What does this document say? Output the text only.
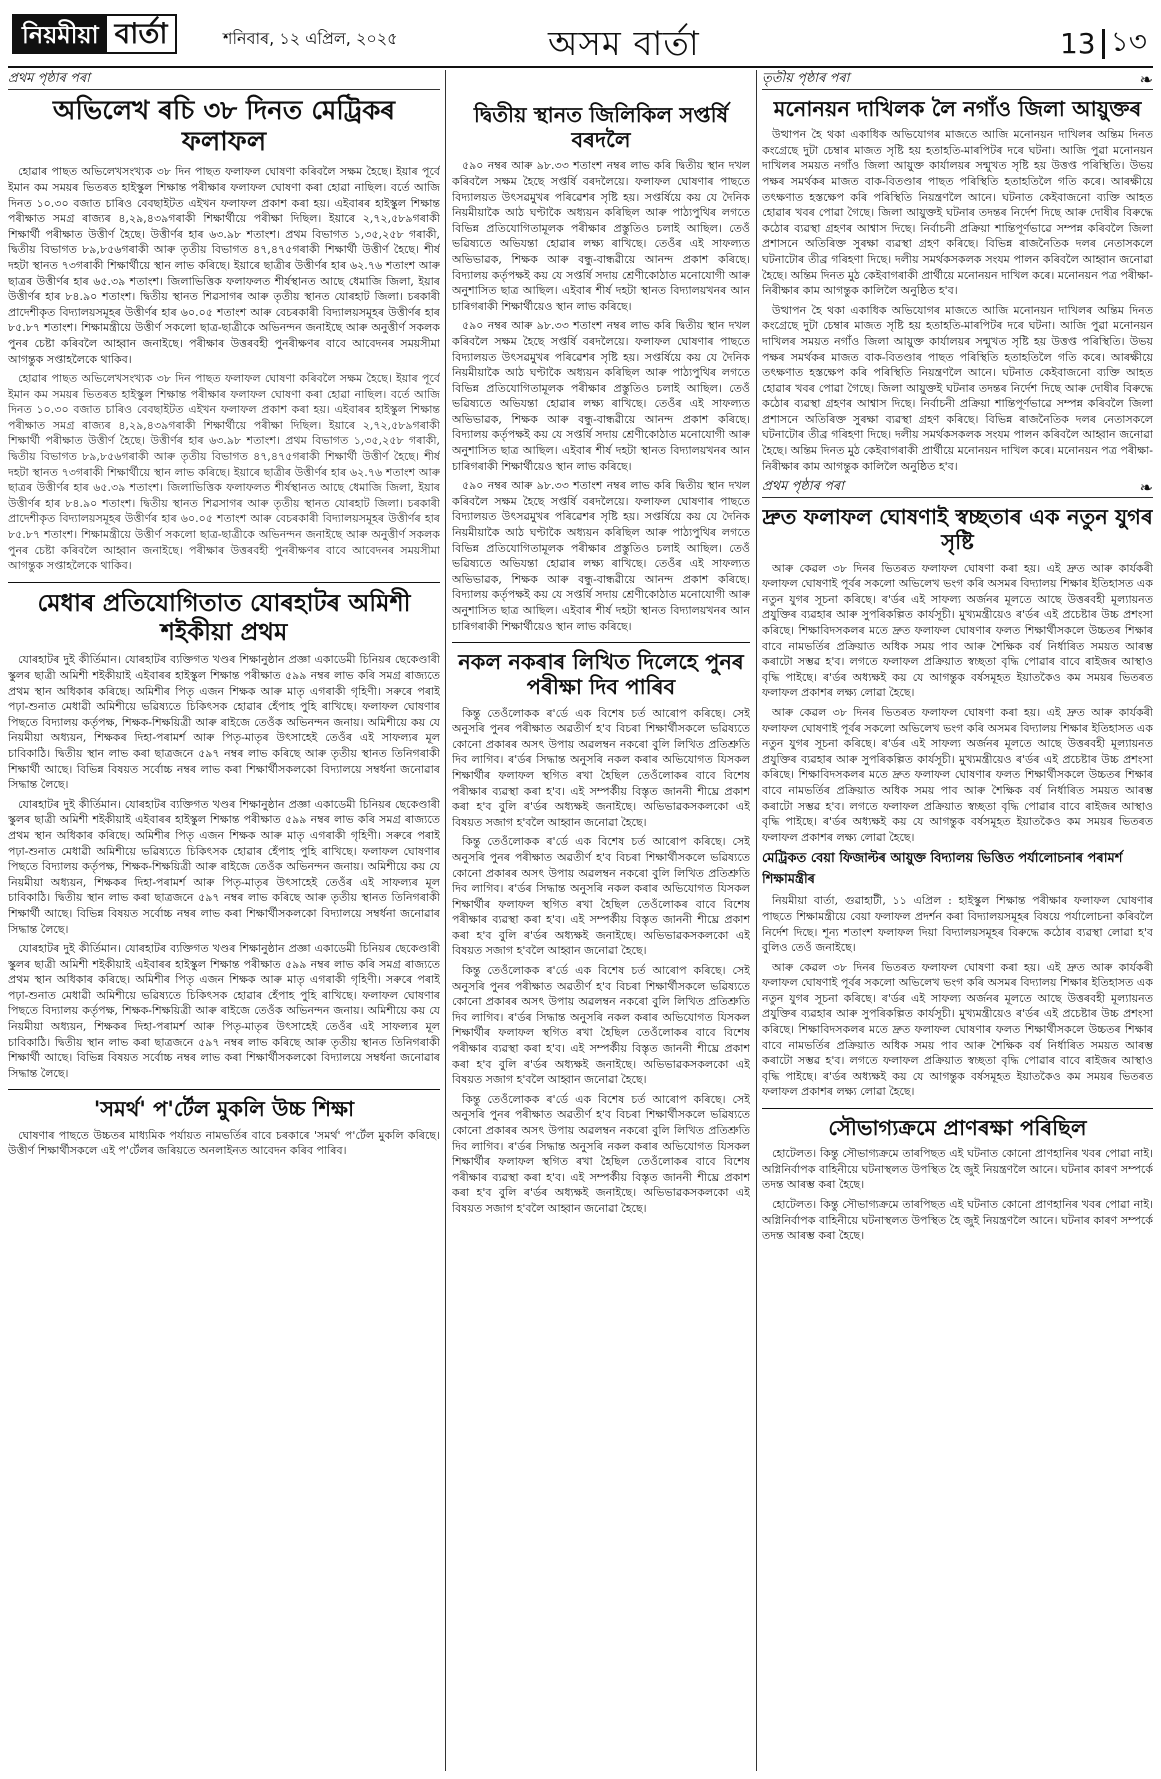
নিয়মীয়া বাৰ্তা	শনিবাৰ, ১২ এপ্ৰিল, ২০২৫	অসম বাৰ্তা	13 ১৩
প্ৰথম পৃষ্ঠাৰ পৰা
অভিলেখ ৰচি ৩৮ দিনত মেট্ৰিকৰ ফলাফল

হোৱাৰ পাছত অভিলেখসংখ্যক ৩৮ দিন পাছত ফলাফল ঘোষণা কৰিবলৈ সক্ষম হৈছে। ইয়াৰ পূৰ্বে ইমান কম সময়ৰ ভিতৰত হাইস্কুল শিক্ষান্ত পৰীক্ষাৰ ফলাফল ঘোষণা কৰা হোৱা নাছিল। বৰ্তে আজি দিনত ১০.৩০ বজাত চাৰিও বেবছাইটত এইখন ফলাফল প্ৰকাশ কৰা হয়। এইবাৰৰ হাইস্কুল শিক্ষান্ত পৰীক্ষাত সমগ্ৰ ৰাজ্যৰ ৪,২৯,৪৩৯গৰাকী শিক্ষাৰ্থীয়ে পৰীক্ষা দিছিল। ইয়াৰে ২,৭২,৫৮৯গৰাকী শিক্ষাৰ্থী পৰীক্ষাত উত্তীৰ্ণ হৈছে। উত্তীৰ্ণৰ হাৰ ৬৩.৯৮ শতাংশ। প্ৰথম বিভাগত ১,৩৫,২৫৮ গৰাকী, দ্বিতীয় বিভাগত ৮৯,৮৫৬গৰাকী আৰু তৃতীয় বিভাগত ৪৭,৪৭৫গৰাকী শিক্ষাৰ্থী উত্তীৰ্ণ হৈছে। শীৰ্ষ দহটা স্থানত ৭৩গৰাকী শিক্ষাৰ্থীয়ে স্থান লাভ কৰিছে। ইয়াৰে ছাত্ৰীৰ উত্তীৰ্ণৰ হাৰ ৬২.৭৬ শতাংশ আৰু ছাত্ৰৰ উত্তীৰ্ণৰ হাৰ ৬৫.৩৯ শতাংশ। জিলাভিত্তিক ফলাফলত শীৰ্ষস্থানত আছে ধেমাজি জিলা, ইয়াৰ উত্তীৰ্ণৰ হাৰ ৮৪.৯০ শতাংশ। দ্বিতীয় স্থানত শিৱসাগৰ আৰু তৃতীয় স্থানত যোৰহাট জিলা। চৰকাৰী প্ৰাদেশীকৃত বিদ্যালয়সমূহৰ উত্তীৰ্ণৰ হাৰ ৬০.০৫ শতাংশ আৰু বেচৰকাৰী বিদ্যালয়সমূহৰ উত্তীৰ্ণৰ হাৰ ৮৫.৮৭ শতাংশ। শিক্ষামন্ত্ৰীয়ে উত্তীৰ্ণ সকলো ছাত্ৰ-ছাত্ৰীকে অভিনন্দন জনাইছে আৰু অনুত্তীৰ্ণ সকলক পুনৰ চেষ্টা কৰিবলৈ আহ্বান জনাইছে। পৰীক্ষাৰ উত্তৰবহী পুনৰীক্ষণৰ বাবে আবেদনৰ সময়সীমা আগন্তুক সপ্তাহলৈকে থাকিব।

হোৱাৰ পাছত অভিলেখসংখ্যক ৩৮ দিন পাছত ফলাফল ঘোষণা কৰিবলৈ সক্ষম হৈছে। ইয়াৰ পূৰ্বে ইমান কম সময়ৰ ভিতৰত হাইস্কুল শিক্ষান্ত পৰীক্ষাৰ ফলাফল ঘোষণা কৰা হোৱা নাছিল। বৰ্তে আজি দিনত ১০.৩০ বজাত চাৰিও বেবছাইটত এইখন ফলাফল প্ৰকাশ কৰা হয়। এইবাৰৰ হাইস্কুল শিক্ষান্ত পৰীক্ষাত সমগ্ৰ ৰাজ্যৰ ৪,২৯,৪৩৯গৰাকী শিক্ষাৰ্থীয়ে পৰীক্ষা দিছিল। ইয়াৰে ২,৭২,৫৮৯গৰাকী শিক্ষাৰ্থী পৰীক্ষাত উত্তীৰ্ণ হৈছে। উত্তীৰ্ণৰ হাৰ ৬৩.৯৮ শতাংশ। প্ৰথম বিভাগত ১,৩৫,২৫৮ গৰাকী, দ্বিতীয় বিভাগত ৮৯,৮৫৬গৰাকী আৰু তৃতীয় বিভাগত ৪৭,৪৭৫গৰাকী শিক্ষাৰ্থী উত্তীৰ্ণ হৈছে। শীৰ্ষ দহটা স্থানত ৭৩গৰাকী শিক্ষাৰ্থীয়ে স্থান লাভ কৰিছে। ইয়াৰে ছাত্ৰীৰ উত্তীৰ্ণৰ হাৰ ৬২.৭৬ শতাংশ আৰু ছাত্ৰৰ উত্তীৰ্ণৰ হাৰ ৬৫.৩৯ শতাংশ। জিলাভিত্তিক ফলাফলত শীৰ্ষস্থানত আছে ধেমাজি জিলা, ইয়াৰ উত্তীৰ্ণৰ হাৰ ৮৪.৯০ শতাংশ। দ্বিতীয় স্থানত শিৱসাগৰ আৰু তৃতীয় স্থানত যোৰহাট জিলা। চৰকাৰী প্ৰাদেশীকৃত বিদ্যালয়সমূহৰ উত্তীৰ্ণৰ হাৰ ৬০.০৫ শতাংশ আৰু বেচৰকাৰী বিদ্যালয়সমূহৰ উত্তীৰ্ণৰ হাৰ ৮৫.৮৭ শতাংশ। শিক্ষামন্ত্ৰীয়ে উত্তীৰ্ণ সকলো ছাত্ৰ-ছাত্ৰীকে অভিনন্দন জনাইছে আৰু অনুত্তীৰ্ণ সকলক পুনৰ চেষ্টা কৰিবলৈ আহ্বান জনাইছে। পৰীক্ষাৰ উত্তৰবহী পুনৰীক্ষণৰ বাবে আবেদনৰ সময়সীমা আগন্তুক সপ্তাহলৈকে থাকিব।

মেধাৰ প্ৰতিযোগিতাত যোৰহাটৰ অমিশী শইকীয়া প্ৰথম

যোৰহাটৰ দুই কীৰ্তিমান। যোৰহাটৰ ব্যক্তিগত খণ্ডৰ শিক্ষানুষ্ঠান প্ৰজ্ঞা একাডেমী চিনিয়ৰ ছেকেণ্ডাৰী স্কুলৰ ছাত্ৰী অমিশী শইকীয়াই এইবাৰৰ হাইস্কুল শিক্ষান্ত পৰীক্ষাত ৫৯৯ নম্বৰ লাভ কৰি সমগ্ৰ ৰাজ্যতে প্ৰথম স্থান অধিকাৰ কৰিছে। অমিশীৰ পিতৃ এজন শিক্ষক আৰু মাতৃ এগৰাকী গৃহিণী। সৰুৰে পৰাই পঢ়া-শুনাত মেধাৱী অমিশীয়ে ভৱিষ্যতে চিকিৎসক হোৱাৰ হেঁপাহ পুহি ৰাখিছে। ফলাফল ঘোষণাৰ পিছতে বিদ্যালয় কৰ্তৃপক্ষ, শিক্ষক-শিক্ষয়িত্ৰী আৰু ৰাইজে তেওঁক অভিনন্দন জনায়। অমিশীয়ে কয় যে নিয়মীয়া অধ্যয়ন, শিক্ষকৰ দিহা-পৰামৰ্শ আৰু পিতৃ-মাতৃৰ উৎসাহেই তেওঁৰ এই সাফল্যৰ মূল চাবিকাঠি। দ্বিতীয় স্থান লাভ কৰা ছাত্ৰজনে ৫৯৭ নম্বৰ লাভ কৰিছে আৰু তৃতীয় স্থানত তিনিগৰাকী শিক্ষাৰ্থী আছে। বিভিন্ন বিষয়ত সৰ্বোচ্চ নম্বৰ লাভ কৰা শিক্ষাৰ্থীসকলকো বিদ্যালয়ে সম্বৰ্ধনা জনোৱাৰ সিদ্ধান্ত লৈছে।

যোৰহাটৰ দুই কীৰ্তিমান। যোৰহাটৰ ব্যক্তিগত খণ্ডৰ শিক্ষানুষ্ঠান প্ৰজ্ঞা একাডেমী চিনিয়ৰ ছেকেণ্ডাৰী স্কুলৰ ছাত্ৰী অমিশী শইকীয়াই এইবাৰৰ হাইস্কুল শিক্ষান্ত পৰীক্ষাত ৫৯৯ নম্বৰ লাভ কৰি সমগ্ৰ ৰাজ্যতে প্ৰথম স্থান অধিকাৰ কৰিছে। অমিশীৰ পিতৃ এজন শিক্ষক আৰু মাতৃ এগৰাকী গৃহিণী। সৰুৰে পৰাই পঢ়া-শুনাত মেধাৱী অমিশীয়ে ভৱিষ্যতে চিকিৎসক হোৱাৰ হেঁপাহ পুহি ৰাখিছে। ফলাফল ঘোষণাৰ পিছতে বিদ্যালয় কৰ্তৃপক্ষ, শিক্ষক-শিক্ষয়িত্ৰী আৰু ৰাইজে তেওঁক অভিনন্দন জনায়। অমিশীয়ে কয় যে নিয়মীয়া অধ্যয়ন, শিক্ষকৰ দিহা-পৰামৰ্শ আৰু পিতৃ-মাতৃৰ উৎসাহেই তেওঁৰ এই সাফল্যৰ মূল চাবিকাঠি। দ্বিতীয় স্থান লাভ কৰা ছাত্ৰজনে ৫৯৭ নম্বৰ লাভ কৰিছে আৰু তৃতীয় স্থানত তিনিগৰাকী শিক্ষাৰ্থী আছে। বিভিন্ন বিষয়ত সৰ্বোচ্চ নম্বৰ লাভ কৰা শিক্ষাৰ্থীসকলকো বিদ্যালয়ে সম্বৰ্ধনা জনোৱাৰ সিদ্ধান্ত লৈছে।

যোৰহাটৰ দুই কীৰ্তিমান। যোৰহাটৰ ব্যক্তিগত খণ্ডৰ শিক্ষানুষ্ঠান প্ৰজ্ঞা একাডেমী চিনিয়ৰ ছেকেণ্ডাৰী স্কুলৰ ছাত্ৰী অমিশী শইকীয়াই এইবাৰৰ হাইস্কুল শিক্ষান্ত পৰীক্ষাত ৫৯৯ নম্বৰ লাভ কৰি সমগ্ৰ ৰাজ্যতে প্ৰথম স্থান অধিকাৰ কৰিছে। অমিশীৰ পিতৃ এজন শিক্ষক আৰু মাতৃ এগৰাকী গৃহিণী। সৰুৰে পৰাই পঢ়া-শুনাত মেধাৱী অমিশীয়ে ভৱিষ্যতে চিকিৎসক হোৱাৰ হেঁপাহ পুহি ৰাখিছে। ফলাফল ঘোষণাৰ পিছতে বিদ্যালয় কৰ্তৃপক্ষ, শিক্ষক-শিক্ষয়িত্ৰী আৰু ৰাইজে তেওঁক অভিনন্দন জনায়। অমিশীয়ে কয় যে নিয়মীয়া অধ্যয়ন, শিক্ষকৰ দিহা-পৰামৰ্শ আৰু পিতৃ-মাতৃৰ উৎসাহেই তেওঁৰ এই সাফল্যৰ মূল চাবিকাঠি। দ্বিতীয় স্থান লাভ কৰা ছাত্ৰজনে ৫৯৭ নম্বৰ লাভ কৰিছে আৰু তৃতীয় স্থানত তিনিগৰাকী শিক্ষাৰ্থী আছে। বিভিন্ন বিষয়ত সৰ্বোচ্চ নম্বৰ লাভ কৰা শিক্ষাৰ্থীসকলকো বিদ্যালয়ে সম্বৰ্ধনা জনোৱাৰ সিদ্ধান্ত লৈছে।

'সমৰ্থ' প'ৰ্টেল মুকলি উচ্চ শিক্ষা

ঘোষণাৰ পাছতে উচ্চতৰ মাধ্যমিক পৰ্যায়ত নামভৰ্তিৰ বাবে চৰকাৰে 'সমৰ্থ' প'ৰ্টেল মুকলি কৰিছে। উত্তীৰ্ণ শিক্ষাৰ্থীসকলে এই প'ৰ্টেলৰ জৰিয়তে অনলাইনত আবেদন কৰিব পাৰিব।

দ্বিতীয় স্থানত জিলিকিল সপ্তৰ্ষি বৰদলৈ

৫৯০ নম্বৰ আৰু ৯৮.৩৩ শতাংশ নম্বৰ লাভ কৰি দ্বিতীয় স্থান দখল কৰিবলৈ সক্ষম হৈছে সপ্তৰ্ষি বৰদলৈয়ে। ফলাফল ঘোষণাৰ পাছতে বিদ্যালয়ত উৎসৱমুখৰ পৰিৱেশৰ সৃষ্টি হয়। সপ্তৰ্ষিয়ে কয় যে দৈনিক নিয়মীয়াকৈ আঠ ঘণ্টাকৈ অধ্যয়ন কৰিছিল আৰু পাঠ্যপুথিৰ লগতে বিভিন্ন প্ৰতিযোগিতামূলক পৰীক্ষাৰ প্ৰস্তুতিও চলাই আছিল। তেওঁ ভৱিষ্যতে অভিযন্তা হোৱাৰ লক্ষ্য ৰাখিছে। তেওঁৰ এই সাফল্যত অভিভাৱক, শিক্ষক আৰু বন্ধু-বান্ধৱীয়ে আনন্দ প্ৰকাশ কৰিছে। বিদ্যালয় কৰ্তৃপক্ষই কয় যে সপ্তৰ্ষি সদায় শ্ৰেণীকোঠাত মনোযোগী আৰু অনুশাসিত ছাত্ৰ আছিল। এইবাৰ শীৰ্ষ দহটা স্থানত বিদ্যালয়খনৰ আন চাৰিগৰাকী শিক্ষাৰ্থীয়েও স্থান লাভ কৰিছে।

৫৯০ নম্বৰ আৰু ৯৮.৩৩ শতাংশ নম্বৰ লাভ কৰি দ্বিতীয় স্থান দখল কৰিবলৈ সক্ষম হৈছে সপ্তৰ্ষি বৰদলৈয়ে। ফলাফল ঘোষণাৰ পাছতে বিদ্যালয়ত উৎসৱমুখৰ পৰিৱেশৰ সৃষ্টি হয়। সপ্তৰ্ষিয়ে কয় যে দৈনিক নিয়মীয়াকৈ আঠ ঘণ্টাকৈ অধ্যয়ন কৰিছিল আৰু পাঠ্যপুথিৰ লগতে বিভিন্ন প্ৰতিযোগিতামূলক পৰীক্ষাৰ প্ৰস্তুতিও চলাই আছিল। তেওঁ ভৱিষ্যতে অভিযন্তা হোৱাৰ লক্ষ্য ৰাখিছে। তেওঁৰ এই সাফল্যত অভিভাৱক, শিক্ষক আৰু বন্ধু-বান্ধৱীয়ে আনন্দ প্ৰকাশ কৰিছে। বিদ্যালয় কৰ্তৃপক্ষই কয় যে সপ্তৰ্ষি সদায় শ্ৰেণীকোঠাত মনোযোগী আৰু অনুশাসিত ছাত্ৰ আছিল। এইবাৰ শীৰ্ষ দহটা স্থানত বিদ্যালয়খনৰ আন চাৰিগৰাকী শিক্ষাৰ্থীয়েও স্থান লাভ কৰিছে।

৫৯০ নম্বৰ আৰু ৯৮.৩৩ শতাংশ নম্বৰ লাভ কৰি দ্বিতীয় স্থান দখল কৰিবলৈ সক্ষম হৈছে সপ্তৰ্ষি বৰদলৈয়ে। ফলাফল ঘোষণাৰ পাছতে বিদ্যালয়ত উৎসৱমুখৰ পৰিৱেশৰ সৃষ্টি হয়। সপ্তৰ্ষিয়ে কয় যে দৈনিক নিয়মীয়াকৈ আঠ ঘণ্টাকৈ অধ্যয়ন কৰিছিল আৰু পাঠ্যপুথিৰ লগতে বিভিন্ন প্ৰতিযোগিতামূলক পৰীক্ষাৰ প্ৰস্তুতিও চলাই আছিল। তেওঁ ভৱিষ্যতে অভিযন্তা হোৱাৰ লক্ষ্য ৰাখিছে। তেওঁৰ এই সাফল্যত অভিভাৱক, শিক্ষক আৰু বন্ধু-বান্ধৱীয়ে আনন্দ প্ৰকাশ কৰিছে। বিদ্যালয় কৰ্তৃপক্ষই কয় যে সপ্তৰ্ষি সদায় শ্ৰেণীকোঠাত মনোযোগী আৰু অনুশাসিত ছাত্ৰ আছিল। এইবাৰ শীৰ্ষ দহটা স্থানত বিদ্যালয়খনৰ আন চাৰিগৰাকী শিক্ষাৰ্থীয়েও স্থান লাভ কৰিছে।

নকল নকৰাৰ লিখিত দিলেহে পুনৰ পৰীক্ষা দিব পাৰিব

কিন্তু তেওঁলোকক ৰ'ৰ্ডে এক বিশেষ চৰ্ত আৰোপ কৰিছে। সেই অনুসৰি পুনৰ পৰীক্ষাত অৱতীৰ্ণ হ'ব বিচৰা শিক্ষাৰ্থীসকলে ভৱিষ্যতে কোনো প্ৰকাৰৰ অসৎ উপায় অৱলম্বন নকৰো বুলি লিখিত প্ৰতিশ্ৰুতি দিব লাগিব। ৰ'ৰ্ডৰ সিদ্ধান্ত অনুসৰি নকল কৰাৰ অভিযোগত যিসকল শিক্ষাৰ্থীৰ ফলাফল স্থগিত ৰখা হৈছিল তেওঁলোকৰ বাবে বিশেষ পৰীক্ষাৰ ব্যৱস্থা কৰা হ'ব। এই সম্পৰ্কীয় বিস্তৃত জাননী শীঘ্ৰে প্ৰকাশ কৰা হ'ব বুলি ৰ'ৰ্ডৰ অধ্যক্ষই জনাইছে। অভিভাৱকসকলকো এই বিষয়ত সজাগ হ'বলৈ আহ্বান জনোৱা হৈছে।

কিন্তু তেওঁলোকক ৰ'ৰ্ডে এক বিশেষ চৰ্ত আৰোপ কৰিছে। সেই অনুসৰি পুনৰ পৰীক্ষাত অৱতীৰ্ণ হ'ব বিচৰা শিক্ষাৰ্থীসকলে ভৱিষ্যতে কোনো প্ৰকাৰৰ অসৎ উপায় অৱলম্বন নকৰো বুলি লিখিত প্ৰতিশ্ৰুতি দিব লাগিব। ৰ'ৰ্ডৰ সিদ্ধান্ত অনুসৰি নকল কৰাৰ অভিযোগত যিসকল শিক্ষাৰ্থীৰ ফলাফল স্থগিত ৰখা হৈছিল তেওঁলোকৰ বাবে বিশেষ পৰীক্ষাৰ ব্যৱস্থা কৰা হ'ব। এই সম্পৰ্কীয় বিস্তৃত জাননী শীঘ্ৰে প্ৰকাশ কৰা হ'ব বুলি ৰ'ৰ্ডৰ অধ্যক্ষই জনাইছে। অভিভাৱকসকলকো এই বিষয়ত সজাগ হ'বলৈ আহ্বান জনোৱা হৈছে।

কিন্তু তেওঁলোকক ৰ'ৰ্ডে এক বিশেষ চৰ্ত আৰোপ কৰিছে। সেই অনুসৰি পুনৰ পৰীক্ষাত অৱতীৰ্ণ হ'ব বিচৰা শিক্ষাৰ্থীসকলে ভৱিষ্যতে কোনো প্ৰকাৰৰ অসৎ উপায় অৱলম্বন নকৰো বুলি লিখিত প্ৰতিশ্ৰুতি দিব লাগিব। ৰ'ৰ্ডৰ সিদ্ধান্ত অনুসৰি নকল কৰাৰ অভিযোগত যিসকল শিক্ষাৰ্থীৰ ফলাফল স্থগিত ৰখা হৈছিল তেওঁলোকৰ বাবে বিশেষ পৰীক্ষাৰ ব্যৱস্থা কৰা হ'ব। এই সম্পৰ্কীয় বিস্তৃত জাননী শীঘ্ৰে প্ৰকাশ কৰা হ'ব বুলি ৰ'ৰ্ডৰ অধ্যক্ষই জনাইছে। অভিভাৱকসকলকো এই বিষয়ত সজাগ হ'বলৈ আহ্বান জনোৱা হৈছে।

কিন্তু তেওঁলোকক ৰ'ৰ্ডে এক বিশেষ চৰ্ত আৰোপ কৰিছে। সেই অনুসৰি পুনৰ পৰীক্ষাত অৱতীৰ্ণ হ'ব বিচৰা শিক্ষাৰ্থীসকলে ভৱিষ্যতে কোনো প্ৰকাৰৰ অসৎ উপায় অৱলম্বন নকৰো বুলি লিখিত প্ৰতিশ্ৰুতি দিব লাগিব। ৰ'ৰ্ডৰ সিদ্ধান্ত অনুসৰি নকল কৰাৰ অভিযোগত যিসকল শিক্ষাৰ্থীৰ ফলাফল স্থগিত ৰখা হৈছিল তেওঁলোকৰ বাবে বিশেষ পৰীক্ষাৰ ব্যৱস্থা কৰা হ'ব। এই সম্পৰ্কীয় বিস্তৃত জাননী শীঘ্ৰে প্ৰকাশ কৰা হ'ব বুলি ৰ'ৰ্ডৰ অধ্যক্ষই জনাইছে। অভিভাৱকসকলকো এই বিষয়ত সজাগ হ'বলৈ আহ্বান জনোৱা হৈছে।

তৃতীয় পৃষ্ঠাৰ পৰা	❧
মনোনয়ন দাখিলক লৈ নগাঁও জিলা আয়ুক্তৰ

উত্থাপন হৈ থকা একাধিক অভিযোগৰ মাজতে আজি মনোনয়ন দাখিলৰ অন্তিম দিনত কংগ্ৰেছে দুটা চেম্বাৰ মাজত সৃষ্টি হয় হতাহতি-মাৰপিটৰ দৰে ঘটনা। আজি পুৱা মনোনয়ন দাখিলৰ সময়ত নগাঁও জিলা আয়ুক্ত কাৰ্যালয়ৰ সন্মুখত সৃষ্টি হয় উত্তপ্ত পৰিস্থিতি। উভয় পক্ষৰ সমৰ্থকৰ মাজত বাক-বিতণ্ডাৰ পাছত পৰিস্থিতি হতাহতিলৈ গতি কৰে। আৰক্ষীয়ে তৎক্ষণাত হস্তক্ষেপ কৰি পৰিস্থিতি নিয়ন্ত্ৰণলৈ আনে। ঘটনাত কেইবাজনো ব্যক্তি আহত হোৱাৰ খবৰ পোৱা গৈছে। জিলা আয়ুক্তই ঘটনাৰ তদন্তৰ নিৰ্দেশ দিছে আৰু দোষীৰ বিৰুদ্ধে কঠোৰ ব্যৱস্থা গ্ৰহণৰ আশ্বাস দিছে। নিৰ্বাচনী প্ৰক্ৰিয়া শান্তিপূৰ্ণভাৱে সম্পন্ন কৰিবলৈ জিলা প্ৰশাসনে অতিৰিক্ত সুৰক্ষা ব্যৱস্থা গ্ৰহণ কৰিছে। বিভিন্ন ৰাজনৈতিক দলৰ নেতাসকলে ঘটনাটোৰ তীব্ৰ গৰিহণা দিছে। দলীয় সমৰ্থকসকলক সংযম পালন কৰিবলৈ আহ্বান জনোৱা হৈছে। অন্তিম দিনত মুঠ কেইবাগৰাকী প্ৰাৰ্থীয়ে মনোনয়ন দাখিল কৰে। মনোনয়ন পত্ৰ পৰীক্ষা-নিৰীক্ষাৰ কাম আগন্তুক কালিলৈ অনুষ্ঠিত হ'ব।

উত্থাপন হৈ থকা একাধিক অভিযোগৰ মাজতে আজি মনোনয়ন দাখিলৰ অন্তিম দিনত কংগ্ৰেছে দুটা চেম্বাৰ মাজত সৃষ্টি হয় হতাহতি-মাৰপিটৰ দৰে ঘটনা। আজি পুৱা মনোনয়ন দাখিলৰ সময়ত নগাঁও জিলা আয়ুক্ত কাৰ্যালয়ৰ সন্মুখত সৃষ্টি হয় উত্তপ্ত পৰিস্থিতি। উভয় পক্ষৰ সমৰ্থকৰ মাজত বাক-বিতণ্ডাৰ পাছত পৰিস্থিতি হতাহতিলৈ গতি কৰে। আৰক্ষীয়ে তৎক্ষণাত হস্তক্ষেপ কৰি পৰিস্থিতি নিয়ন্ত্ৰণলৈ আনে। ঘটনাত কেইবাজনো ব্যক্তি আহত হোৱাৰ খবৰ পোৱা গৈছে। জিলা আয়ুক্তই ঘটনাৰ তদন্তৰ নিৰ্দেশ দিছে আৰু দোষীৰ বিৰুদ্ধে কঠোৰ ব্যৱস্থা গ্ৰহণৰ আশ্বাস দিছে। নিৰ্বাচনী প্ৰক্ৰিয়া শান্তিপূৰ্ণভাৱে সম্পন্ন কৰিবলৈ জিলা প্ৰশাসনে অতিৰিক্ত সুৰক্ষা ব্যৱস্থা গ্ৰহণ কৰিছে। বিভিন্ন ৰাজনৈতিক দলৰ নেতাসকলে ঘটনাটোৰ তীব্ৰ গৰিহণা দিছে। দলীয় সমৰ্থকসকলক সংযম পালন কৰিবলৈ আহ্বান জনোৱা হৈছে। অন্তিম দিনত মুঠ কেইবাগৰাকী প্ৰাৰ্থীয়ে মনোনয়ন দাখিল কৰে। মনোনয়ন পত্ৰ পৰীক্ষা-নিৰীক্ষাৰ কাম আগন্তুক কালিলৈ অনুষ্ঠিত হ'ব।

প্ৰথম পৃষ্ঠাৰ পৰা	❧
দ্ৰুত ফলাফল ঘোষণাই স্বচ্ছতাৰ এক নতুন যুগৰ সৃষ্টি

আৰু কেৱল ৩৮ দিনৰ ভিতৰত ফলাফল ঘোষণা কৰা হয়। এই দ্ৰুত আৰু কাৰ্যকৰী ফলাফল ঘোষণাই পূৰ্বৰ সকলো অভিলেখ ভংগ কৰি অসমৰ বিদ্যালয় শিক্ষাৰ ইতিহাসত এক নতুন যুগৰ সূচনা কৰিছে। ৰ'ৰ্ডৰ এই সাফল্য অৰ্জনৰ মূলতে আছে উত্তৰবহী মূল্যায়নত প্ৰযুক্তিৰ ব্যৱহাৰ আৰু সুপৰিকল্পিত কাৰ্যসূচী। মুখ্যমন্ত্ৰীয়েও ৰ'ৰ্ডৰ এই প্ৰচেষ্টাৰ উচ্চ প্ৰশংসা কৰিছে। শিক্ষাবিদসকলৰ মতে দ্ৰুত ফলাফল ঘোষণাৰ ফলত শিক্ষাৰ্থীসকলে উচ্চতৰ শিক্ষাৰ বাবে নামভৰ্তিৰ প্ৰক্ৰিয়াত অধিক সময় পাব আৰু শৈক্ষিক বৰ্ষ নিৰ্ধাৰিত সময়ত আৰম্ভ কৰাটো সম্ভৱ হ'ব। লগতে ফলাফল প্ৰক্ৰিয়াত স্বচ্ছতা বৃদ্ধি পোৱাৰ বাবে ৰাইজৰ আস্থাও বৃদ্ধি পাইছে। ৰ'ৰ্ডৰ অধ্যক্ষই কয় যে আগন্তুক বৰ্ষসমূহত ইয়াতকৈও কম সময়ৰ ভিতৰত ফলাফল প্ৰকাশৰ লক্ষ্য লোৱা হৈছে।

আৰু কেৱল ৩৮ দিনৰ ভিতৰত ফলাফল ঘোষণা কৰা হয়। এই দ্ৰুত আৰু কাৰ্যকৰী ফলাফল ঘোষণাই পূৰ্বৰ সকলো অভিলেখ ভংগ কৰি অসমৰ বিদ্যালয় শিক্ষাৰ ইতিহাসত এক নতুন যুগৰ সূচনা কৰিছে। ৰ'ৰ্ডৰ এই সাফল্য অৰ্জনৰ মূলতে আছে উত্তৰবহী মূল্যায়নত প্ৰযুক্তিৰ ব্যৱহাৰ আৰু সুপৰিকল্পিত কাৰ্যসূচী। মুখ্যমন্ত্ৰীয়েও ৰ'ৰ্ডৰ এই প্ৰচেষ্টাৰ উচ্চ প্ৰশংসা কৰিছে। শিক্ষাবিদসকলৰ মতে দ্ৰুত ফলাফল ঘোষণাৰ ফলত শিক্ষাৰ্থীসকলে উচ্চতৰ শিক্ষাৰ বাবে নামভৰ্তিৰ প্ৰক্ৰিয়াত অধিক সময় পাব আৰু শৈক্ষিক বৰ্ষ নিৰ্ধাৰিত সময়ত আৰম্ভ কৰাটো সম্ভৱ হ'ব। লগতে ফলাফল প্ৰক্ৰিয়াত স্বচ্ছতা বৃদ্ধি পোৱাৰ বাবে ৰাইজৰ আস্থাও বৃদ্ধি পাইছে। ৰ'ৰ্ডৰ অধ্যক্ষই কয় যে আগন্তুক বৰ্ষসমূহত ইয়াতকৈও কম সময়ৰ ভিতৰত ফলাফল প্ৰকাশৰ লক্ষ্য লোৱা হৈছে।

মেট্ৰিকত বেয়া ফিজাল্টৰ আয়ুক্ত বিদ্যালয় ভিত্তিত পৰ্যালোচনাৰ পৰামৰ্শ শিক্ষামন্ত্ৰীৰ

নিয়মীয়া বাৰ্তা, গুৱাহাটী, ১১ এপ্ৰিল : হাইস্কুল শিক্ষান্ত পৰীক্ষাৰ ফলাফল ঘোষণাৰ পাছতে শিক্ষামন্ত্ৰীয়ে বেয়া ফলাফল প্ৰদৰ্শন কৰা বিদ্যালয়সমূহৰ বিষয়ে পৰ্যালোচনা কৰিবলৈ নিৰ্দেশ দিছে। শূন্য শতাংশ ফলাফল দিয়া বিদ্যালয়সমূহৰ বিৰুদ্ধে কঠোৰ ব্যৱস্থা লোৱা হ'ব বুলিও তেওঁ জনাইছে।

আৰু কেৱল ৩৮ দিনৰ ভিতৰত ফলাফল ঘোষণা কৰা হয়। এই দ্ৰুত আৰু কাৰ্যকৰী ফলাফল ঘোষণাই পূৰ্বৰ সকলো অভিলেখ ভংগ কৰি অসমৰ বিদ্যালয় শিক্ষাৰ ইতিহাসত এক নতুন যুগৰ সূচনা কৰিছে। ৰ'ৰ্ডৰ এই সাফল্য অৰ্জনৰ মূলতে আছে উত্তৰবহী মূল্যায়নত প্ৰযুক্তিৰ ব্যৱহাৰ আৰু সুপৰিকল্পিত কাৰ্যসূচী। মুখ্যমন্ত্ৰীয়েও ৰ'ৰ্ডৰ এই প্ৰচেষ্টাৰ উচ্চ প্ৰশংসা কৰিছে। শিক্ষাবিদসকলৰ মতে দ্ৰুত ফলাফল ঘোষণাৰ ফলত শিক্ষাৰ্থীসকলে উচ্চতৰ শিক্ষাৰ বাবে নামভৰ্তিৰ প্ৰক্ৰিয়াত অধিক সময় পাব আৰু শৈক্ষিক বৰ্ষ নিৰ্ধাৰিত সময়ত আৰম্ভ কৰাটো সম্ভৱ হ'ব। লগতে ফলাফল প্ৰক্ৰিয়াত স্বচ্ছতা বৃদ্ধি পোৱাৰ বাবে ৰাইজৰ আস্থাও বৃদ্ধি পাইছে। ৰ'ৰ্ডৰ অধ্যক্ষই কয় যে আগন্তুক বৰ্ষসমূহত ইয়াতকৈও কম সময়ৰ ভিতৰত ফলাফল প্ৰকাশৰ লক্ষ্য লোৱা হৈছে।

সৌভাগ্যক্ৰমে প্ৰাণৰক্ষা পৰিছিল

হোটেলত। কিন্তু সৌভাগ্যক্ৰমে তাৰপিছত এই ঘটনাত কোনো প্ৰাণহানিৰ খবৰ পোৱা নাই। অগ্নিনিৰ্বাপক বাহিনীয়ে ঘটনাস্থলত উপস্থিত হৈ জুই নিয়ন্ত্ৰণলৈ আনে। ঘটনাৰ কাৰণ সম্পৰ্কে তদন্ত আৰম্ভ কৰা হৈছে।

হোটেলত। কিন্তু সৌভাগ্যক্ৰমে তাৰপিছত এই ঘটনাত কোনো প্ৰাণহানিৰ খবৰ পোৱা নাই। অগ্নিনিৰ্বাপক বাহিনীয়ে ঘটনাস্থলত উপস্থিত হৈ জুই নিয়ন্ত্ৰণলৈ আনে। ঘটনাৰ কাৰণ সম্পৰ্কে তদন্ত আৰম্ভ কৰা হৈছে।
